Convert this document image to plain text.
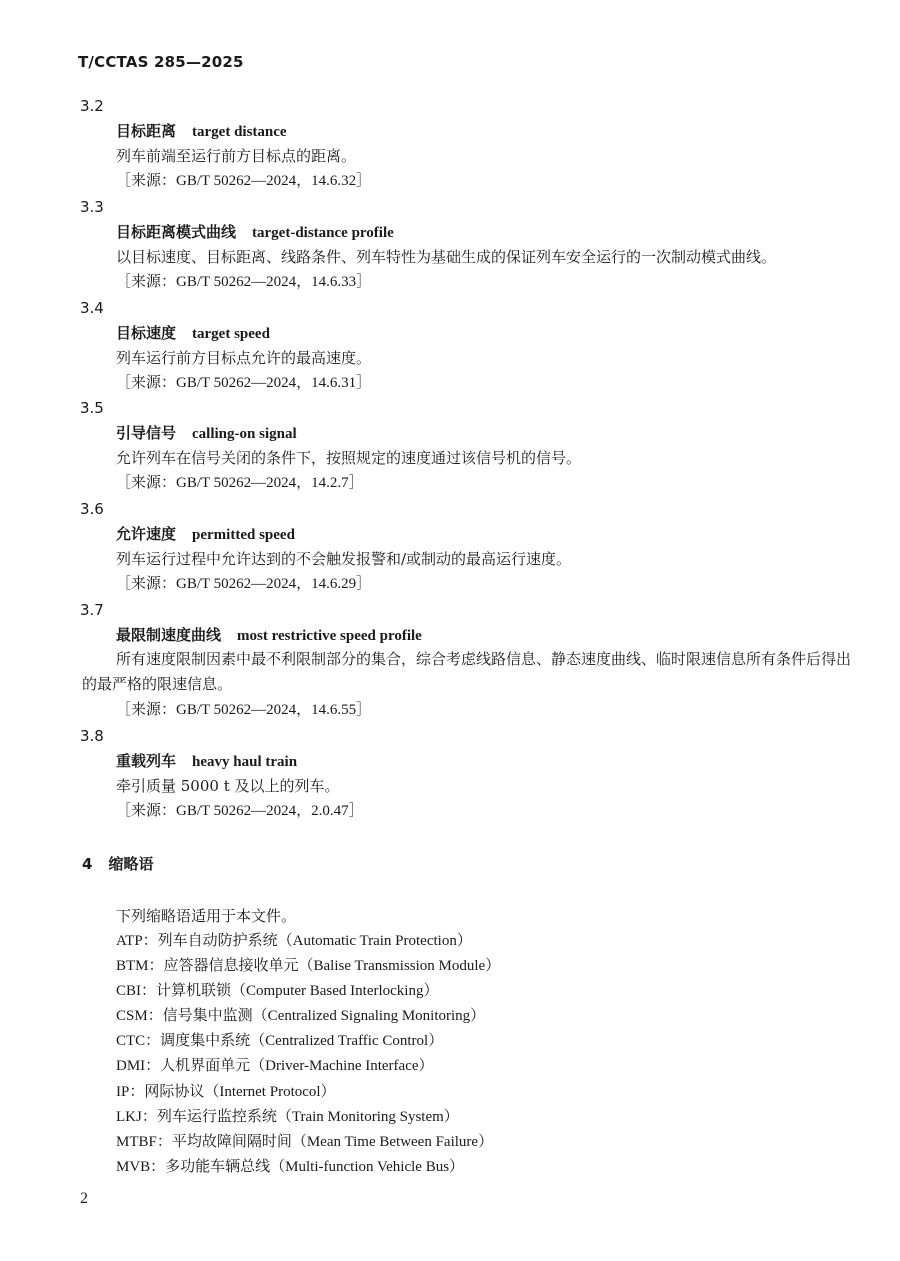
T/CCTAS 285—2025
3.2
目标距离 target distance
列车前端至运行前方目标点的距离。
［来源：GB/T 50262—2024，14.6.32］
3.3
目标距离模式曲线 target-distance profile
以目标速度、目标距离、线路条件、列车特性为基础生成的保证列车安全运行的一次制动模式曲线。
［来源：GB/T 50262—2024，14.6.33］
3.4
目标速度 target speed
列车运行前方目标点允许的最高速度。
［来源：GB/T 50262—2024，14.6.31］
3.5
引导信号 calling-on signal
允许列车在信号关闭的条件下，按照规定的速度通过该信号机的信号。
［来源：GB/T 50262—2024，14.2.7］
3.6
允许速度 permitted speed
列车运行过程中允许达到的不会触发报警和/或制动的最高运行速度。
［来源：GB/T 50262—2024，14.6.29］
3.7
最限制速度曲线 most restrictive speed profile
所有速度限制因素中最不利限制部分的集合，综合考虑线路信息、静态速度曲线、临时限速信息所有条件后得出的最严格的限速信息。
［来源：GB/T 50262—2024，14.6.55］
3.8
重载列车 heavy haul train
牵引质量 5000 t 及以上的列车。
［来源：GB/T 50262—2024，2.0.47］
4 缩略语
下列缩略语适用于本文件。
ATP：列车自动防护系统（Automatic Train Protection）
BTM：应答器信息接收单元（Balise Transmission Module）
CBI：计算机联锁（Computer Based Interlocking）
CSM：信号集中监测（Centralized Signaling Monitoring）
CTC：调度集中系统（Centralized Traffic Control）
DMI：人机界面单元（Driver-Machine Interface）
IP：网际协议（Internet Protocol）
LKJ：列车运行监控系统（Train Monitoring System）
MTBF：平均故障间隔时间（Mean Time Between Failure）
MVB：多功能车辆总线（Multi-function Vehicle Bus）
2
